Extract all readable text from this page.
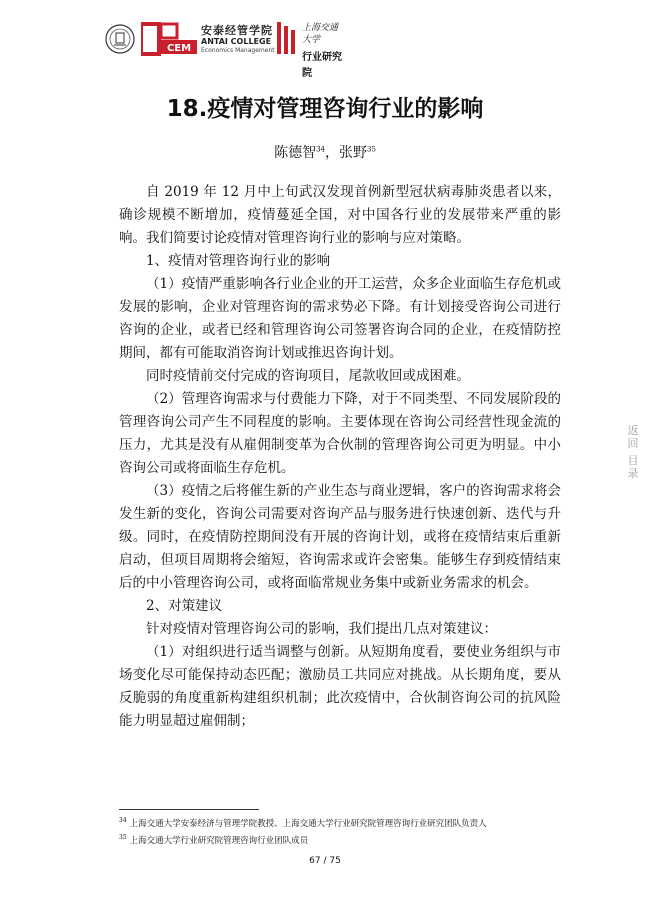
CEM
安泰经管学院
ANTAI COLLEGE
Economics Management
上海交通大学
行业研究院
18.疫情对管理咨询行业的影响
陈德智$^{34}$，张野$^{35}$

自 2019 年 12 月中上旬武汉发现首例新型冠状病毒肺炎患者以来，确诊规模不断增加，疫情蔓延全国，对中国各行业的发展带来严重的影响。我们简要讨论疫情对管理咨询行业的影响与应对策略。

1、疫情对管理咨询行业的影响

（1）疫情严重影响各行业企业的开工运营，众多企业面临生存危机或发展的影响，企业对管理咨询的需求势必下降。有计划接受咨询公司进行咨询的企业，或者已经和管理咨询公司签署咨询合同的企业，在疫情防控期间，都有可能取消咨询计划或推迟咨询计划。

同时疫情前交付完成的咨询项目，尾款收回或成困难。

（2）管理咨询需求与付费能力下降，对于不同类型、不同发展阶段的管理咨询公司产生不同程度的影响。主要体现在咨询公司经营性现金流的压力，尤其是没有从雇佣制变革为合伙制的管理咨询公司更为明显。中小咨询公司或将面临生存危机。

（3）疫情之后将催生新的产业生态与商业逻辑，客户的咨询需求将会发生新的变化，咨询公司需要对咨询产品与服务进行快速创新、迭代与升级。同时，在疫情防控期间没有开展的咨询计划，或将在疫情结束后重新启动，但项目周期将会缩短，咨询需求或许会密集。能够生存到疫情结束后的中小管理咨询公司，或将面临常规业务集中或新业务需求的机会。

2、对策建议

针对疫情对管理咨询公司的影响，我们提出几点对策建议：

（1）对组织进行适当调整与创新。从短期角度看，要使业务组织与市场变化尽可能保持动态匹配；激励员工共同应对挑战。从长期角度，要从反脆弱的角度重新构建组织机制；此次疫情中，合伙制咨询公司的抗风险能力明显超过雇佣制；

返回
目录
$^{34}$ 上海交通大学安泰经济与管理学院教授、上海交通大学行业研究院管理咨询行业研究团队负责人
$^{35}$ 上海交通大学行业研究院管理咨询行业团队成员
67 / 75
